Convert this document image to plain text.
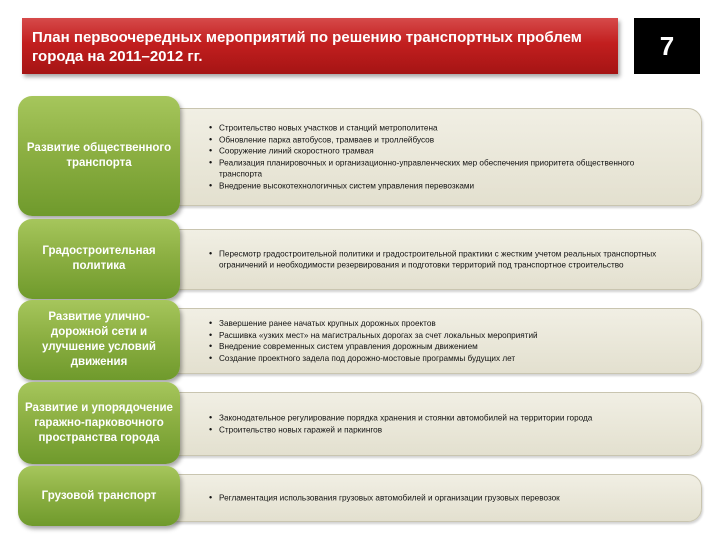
План первоочередных мероприятий по решению транспортных проблем города на 2011–2012 гг.	7
• Строительство новых участков и станций метрополитена
• Обновление парка автобусов, трамваев и троллейбусов
• Сооружение линий скоростного трамвая
• Реализация планировочных и организационно-управленческих мер обеспечения приоритета общественного транспорта
• Внедрение высокотехнологичных систем управления перевозками
Развитие общественного транспорта
• Пересмотр градостроительной политики и градостроительной практики с жестким учетом реальных транспортных ограничений и необходимости резервирования и подготовки территорий под транспортное строительство
Градостроительная политика
• Завершение ранее начатых крупных дорожных проектов
• Расшивка «узких мест» на магистральных дорогах за счет локальных мероприятий
• Внедрение современных систем управления дорожным движением
• Создание проектного задела под дорожно-мостовые программы будущих лет
Развитие улично-дорожной сети и улучшение условий движения
• Законодательное регулирование порядка хранения и стоянки автомобилей на территории города
• Строительство новых гаражей и паркингов
Развитие и упорядочение гаражно-парковочного пространства города
• Регламентация использования грузовых автомобилей и организации грузовых перевозок
Грузовой транспорт
